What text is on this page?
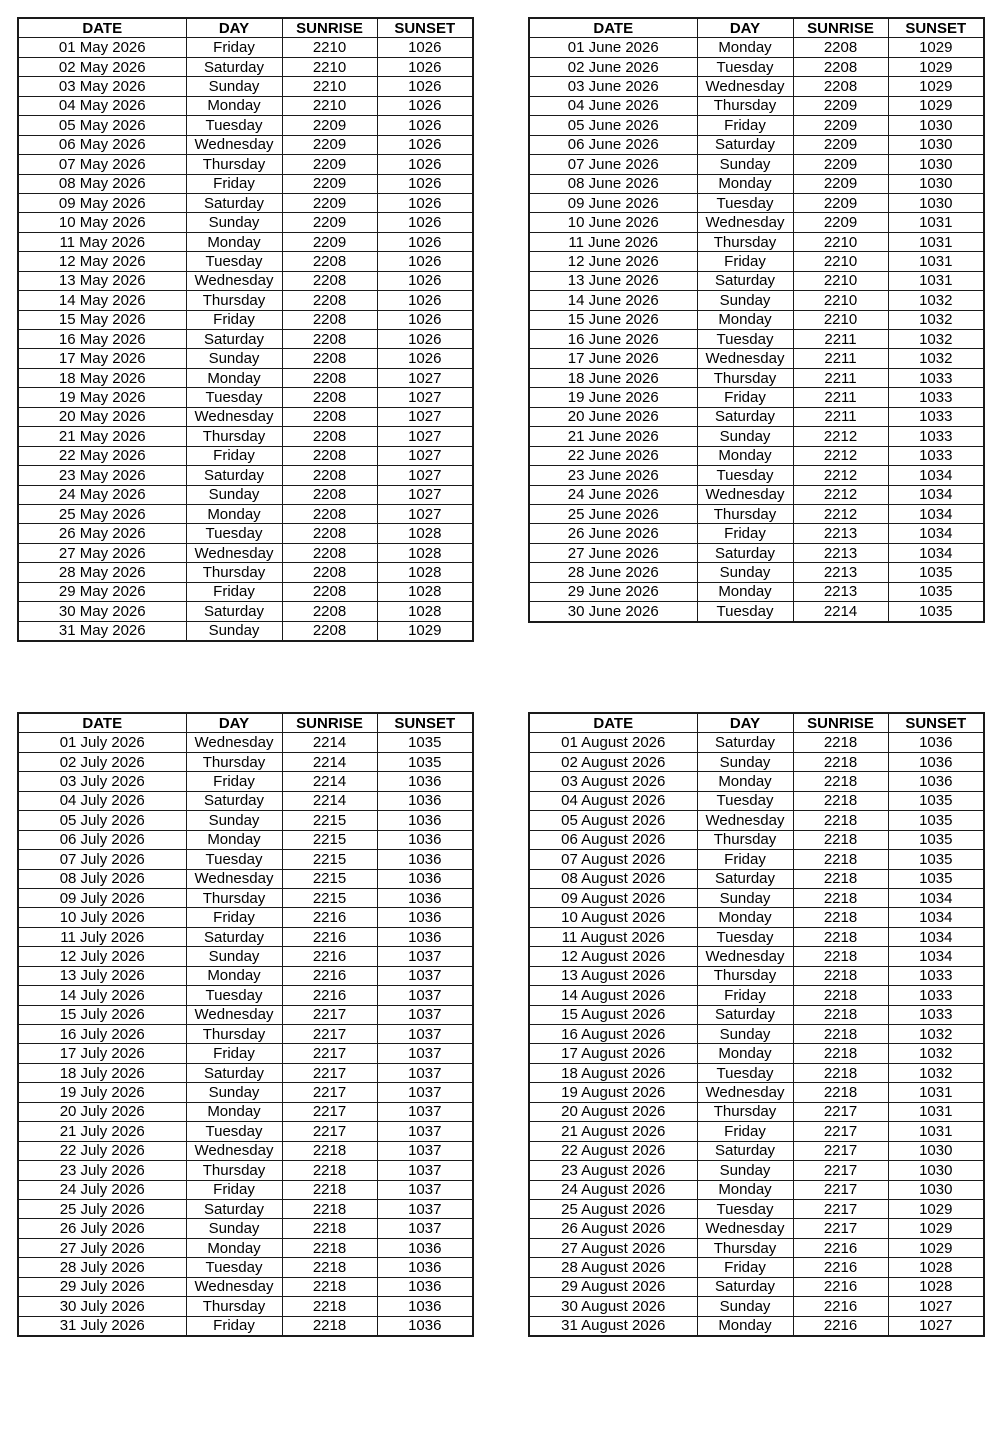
DATE	DAY	SUNRISE	SUNSET
01 May 2026	Friday	2210	1026
02 May 2026	Saturday	2210	1026
03 May 2026	Sunday	2210	1026
04 May 2026	Monday	2210	1026
05 May 2026	Tuesday	2209	1026
06 May 2026	Wednesday	2209	1026
07 May 2026	Thursday	2209	1026
08 May 2026	Friday	2209	1026
09 May 2026	Saturday	2209	1026
10 May 2026	Sunday	2209	1026
11 May 2026	Monday	2209	1026
12 May 2026	Tuesday	2208	1026
13 May 2026	Wednesday	2208	1026
14 May 2026	Thursday	2208	1026
15 May 2026	Friday	2208	1026
16 May 2026	Saturday	2208	1026
17 May 2026	Sunday	2208	1026
18 May 2026	Monday	2208	1027
19 May 2026	Tuesday	2208	1027
20 May 2026	Wednesday	2208	1027
21 May 2026	Thursday	2208	1027
22 May 2026	Friday	2208	1027
23 May 2026	Saturday	2208	1027
24 May 2026	Sunday	2208	1027
25 May 2026	Monday	2208	1027
26 May 2026	Tuesday	2208	1028
27 May 2026	Wednesday	2208	1028
28 May 2026	Thursday	2208	1028
29 May 2026	Friday	2208	1028
30 May 2026	Saturday	2208	1028
31 May 2026	Sunday	2208	1029
DATE	DAY	SUNRISE	SUNSET
01 June 2026	Monday	2208	1029
02 June 2026	Tuesday	2208	1029
03 June 2026	Wednesday	2208	1029
04 June 2026	Thursday	2209	1029
05 June 2026	Friday	2209	1030
06 June 2026	Saturday	2209	1030
07 June 2026	Sunday	2209	1030
08 June 2026	Monday	2209	1030
09 June 2026	Tuesday	2209	1030
10 June 2026	Wednesday	2209	1031
11 June 2026	Thursday	2210	1031
12 June 2026	Friday	2210	1031
13 June 2026	Saturday	2210	1031
14 June 2026	Sunday	2210	1032
15 June 2026	Monday	2210	1032
16 June 2026	Tuesday	2211	1032
17 June 2026	Wednesday	2211	1032
18 June 2026	Thursday	2211	1033
19 June 2026	Friday	2211	1033
20 June 2026	Saturday	2211	1033
21 June 2026	Sunday	2212	1033
22 June 2026	Monday	2212	1033
23 June 2026	Tuesday	2212	1034
24 June 2026	Wednesday	2212	1034
25 June 2026	Thursday	2212	1034
26 June 2026	Friday	2213	1034
27 June 2026	Saturday	2213	1034
28 June 2026	Sunday	2213	1035
29 June 2026	Monday	2213	1035
30 June 2026	Tuesday	2214	1035
DATE	DAY	SUNRISE	SUNSET
01 July 2026	Wednesday	2214	1035
02 July 2026	Thursday	2214	1035
03 July 2026	Friday	2214	1036
04 July 2026	Saturday	2214	1036
05 July 2026	Sunday	2215	1036
06 July 2026	Monday	2215	1036
07 July 2026	Tuesday	2215	1036
08 July 2026	Wednesday	2215	1036
09 July 2026	Thursday	2215	1036
10 July 2026	Friday	2216	1036
11 July 2026	Saturday	2216	1036
12 July 2026	Sunday	2216	1037
13 July 2026	Monday	2216	1037
14 July 2026	Tuesday	2216	1037
15 July 2026	Wednesday	2217	1037
16 July 2026	Thursday	2217	1037
17 July 2026	Friday	2217	1037
18 July 2026	Saturday	2217	1037
19 July 2026	Sunday	2217	1037
20 July 2026	Monday	2217	1037
21 July 2026	Tuesday	2217	1037
22 July 2026	Wednesday	2218	1037
23 July 2026	Thursday	2218	1037
24 July 2026	Friday	2218	1037
25 July 2026	Saturday	2218	1037
26 July 2026	Sunday	2218	1037
27 July 2026	Monday	2218	1036
28 July 2026	Tuesday	2218	1036
29 July 2026	Wednesday	2218	1036
30 July 2026	Thursday	2218	1036
31 July 2026	Friday	2218	1036
DATE	DAY	SUNRISE	SUNSET
01 August 2026	Saturday	2218	1036
02 August 2026	Sunday	2218	1036
03 August 2026	Monday	2218	1036
04 August 2026	Tuesday	2218	1035
05 August 2026	Wednesday	2218	1035
06 August 2026	Thursday	2218	1035
07 August 2026	Friday	2218	1035
08 August 2026	Saturday	2218	1035
09 August 2026	Sunday	2218	1034
10 August 2026	Monday	2218	1034
11 August 2026	Tuesday	2218	1034
12 August 2026	Wednesday	2218	1034
13 August 2026	Thursday	2218	1033
14 August 2026	Friday	2218	1033
15 August 2026	Saturday	2218	1033
16 August 2026	Sunday	2218	1032
17 August 2026	Monday	2218	1032
18 August 2026	Tuesday	2218	1032
19 August 2026	Wednesday	2218	1031
20 August 2026	Thursday	2217	1031
21 August 2026	Friday	2217	1031
22 August 2026	Saturday	2217	1030
23 August 2026	Sunday	2217	1030
24 August 2026	Monday	2217	1030
25 August 2026	Tuesday	2217	1029
26 August 2026	Wednesday	2217	1029
27 August 2026	Thursday	2216	1029
28 August 2026	Friday	2216	1028
29 August 2026	Saturday	2216	1028
30 August 2026	Sunday	2216	1027
31 August 2026	Monday	2216	1027
